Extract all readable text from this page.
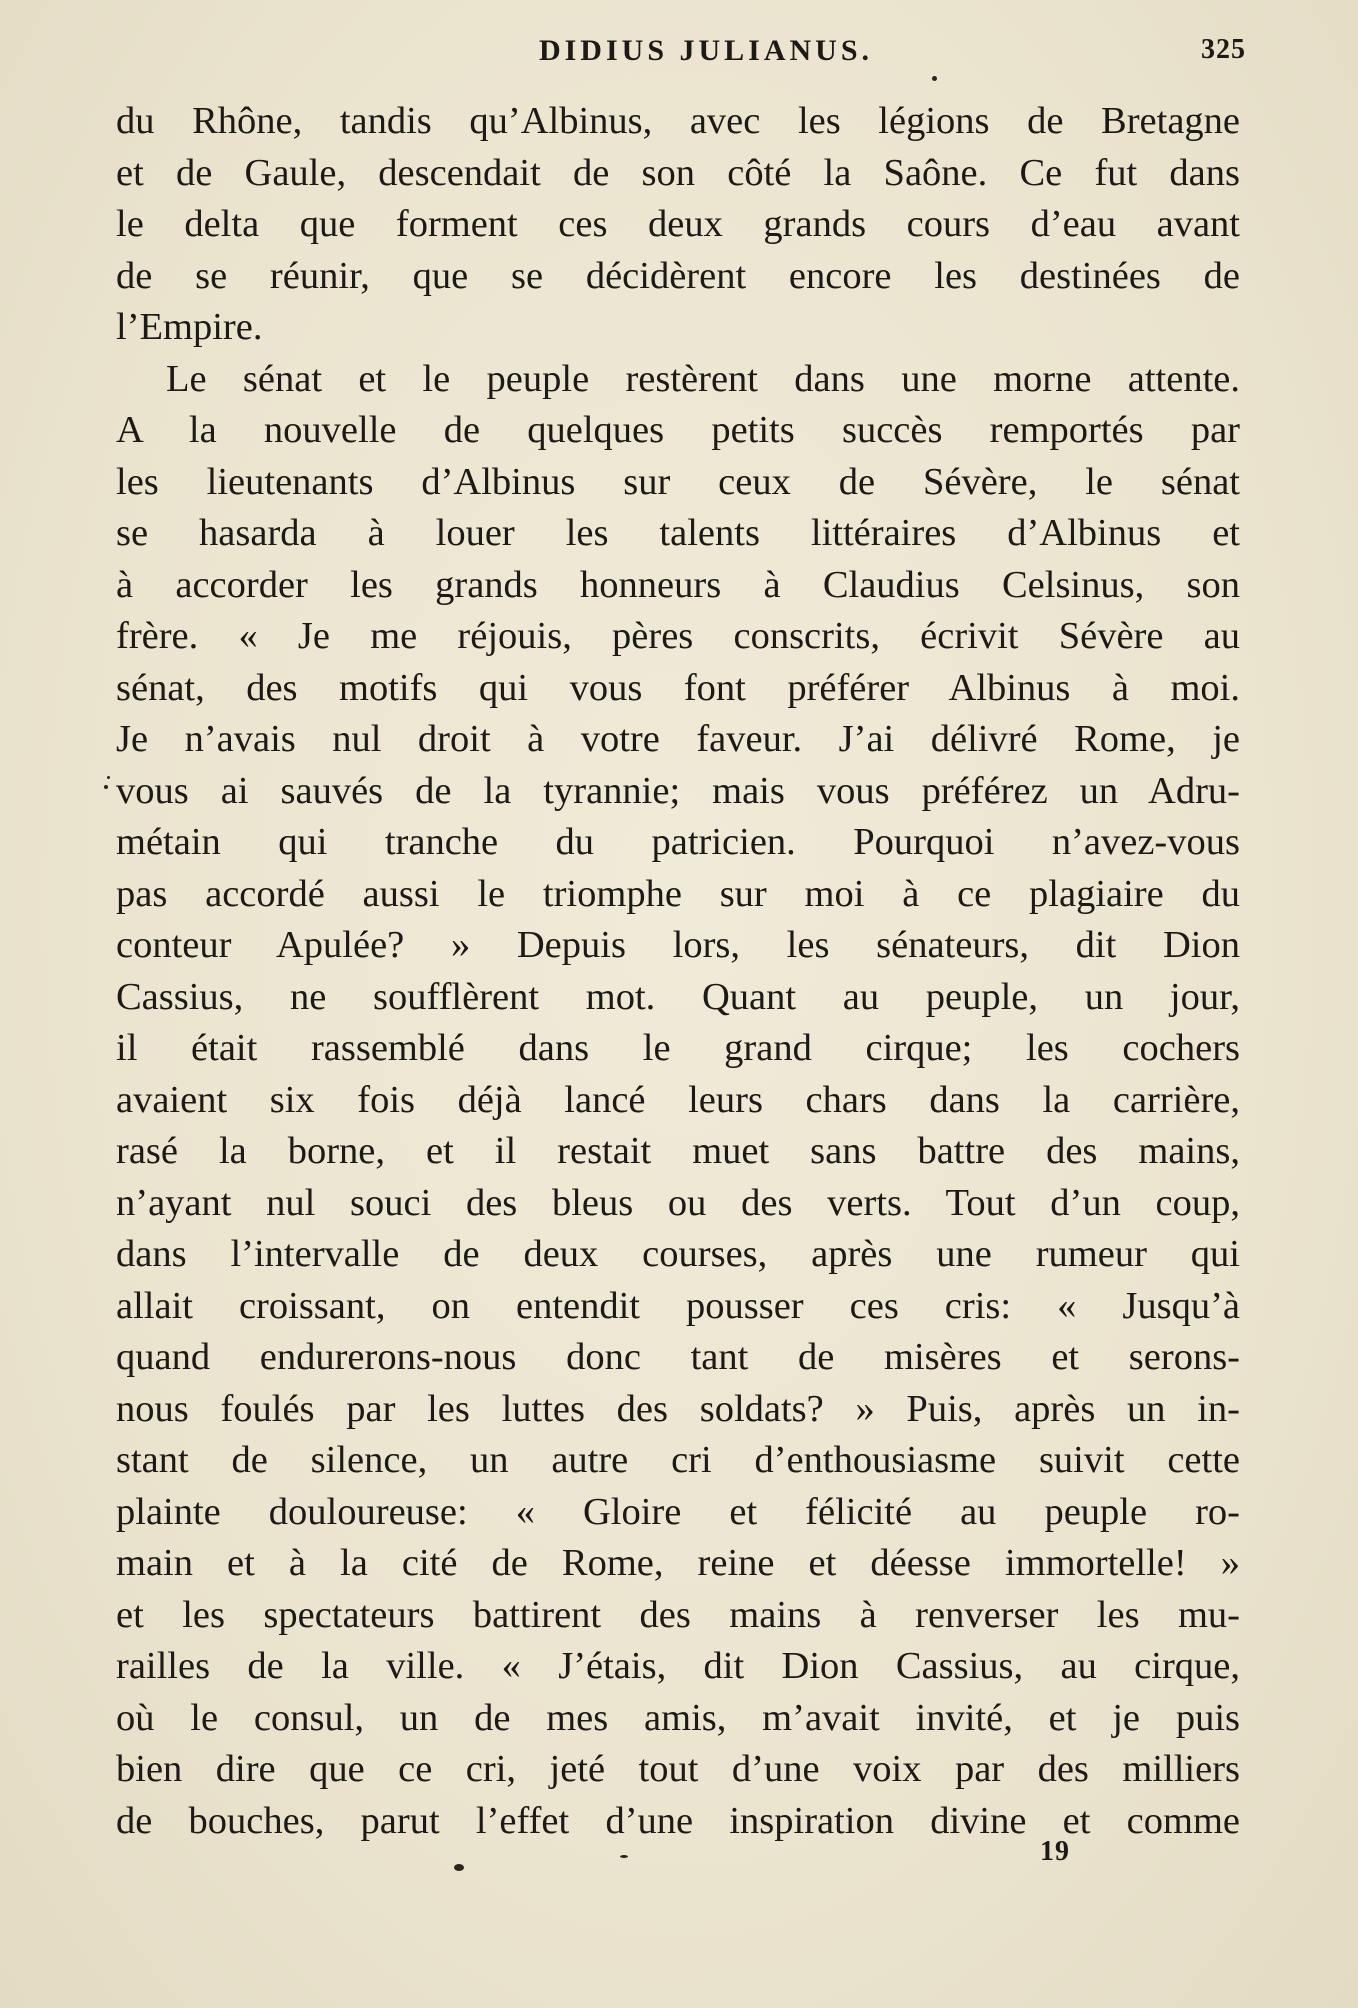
DIDIUS JULIANUS.	325
du Rhône, tandis qu’Albinus, avec les légions de Bretagne
et de Gaule, descendait de son côté la Saône. Ce fut dans
le delta que forment ces deux grands cours d’eau avant
de se réunir, que se décidèrent encore les destinées de
l’Empire.
Le sénat et le peuple restèrent dans une morne attente.
A la nouvelle de quelques petits succès remportés par
les lieutenants d’Albinus sur ceux de Sévère, le sénat
se hasarda à louer les talents littéraires d’Albinus et
à accorder les grands honneurs à Claudius Celsinus, son
frère. « Je me réjouis, pères conscrits, écrivit Sévère au
sénat, des motifs qui vous font préférer Albinus à moi.
Je n’avais nul droit à votre faveur. J’ai délivré Rome, je
vous ai sauvés de la tyrannie; mais vous préférez un Adru-
métain qui tranche du patricien. Pourquoi n’avez-vous
pas accordé aussi le triomphe sur moi à ce plagiaire du
conteur Apulée? » Depuis lors, les sénateurs, dit Dion
Cassius, ne soufflèrent mot. Quant au peuple, un jour,
il était rassemblé dans le grand cirque; les cochers
avaient six fois déjà lancé leurs chars dans la carrière,
rasé la borne, et il restait muet sans battre des mains,
n’ayant nul souci des bleus ou des verts. Tout d’un coup,
dans l’intervalle de deux courses, après une rumeur qui
allait croissant, on entendit pousser ces cris: « Jusqu’à
quand endurerons-nous donc tant de misères et serons-
nous foulés par les luttes des soldats? » Puis, après un in-
stant de silence, un autre cri d’enthousiasme suivit cette
plainte douloureuse: « Gloire et félicité au peuple ro-
main et à la cité de Rome, reine et déesse immortelle! »
et les spectateurs battirent des mains à renverser les mu-
railles de la ville. « J’étais, dit Dion Cassius, au cirque,
où le consul, un de mes amis, m’avait invité, et je puis
bien dire que ce cri, jeté tout d’une voix par des milliers
de bouches, parut l’effet d’une inspiration divine et comme
19
